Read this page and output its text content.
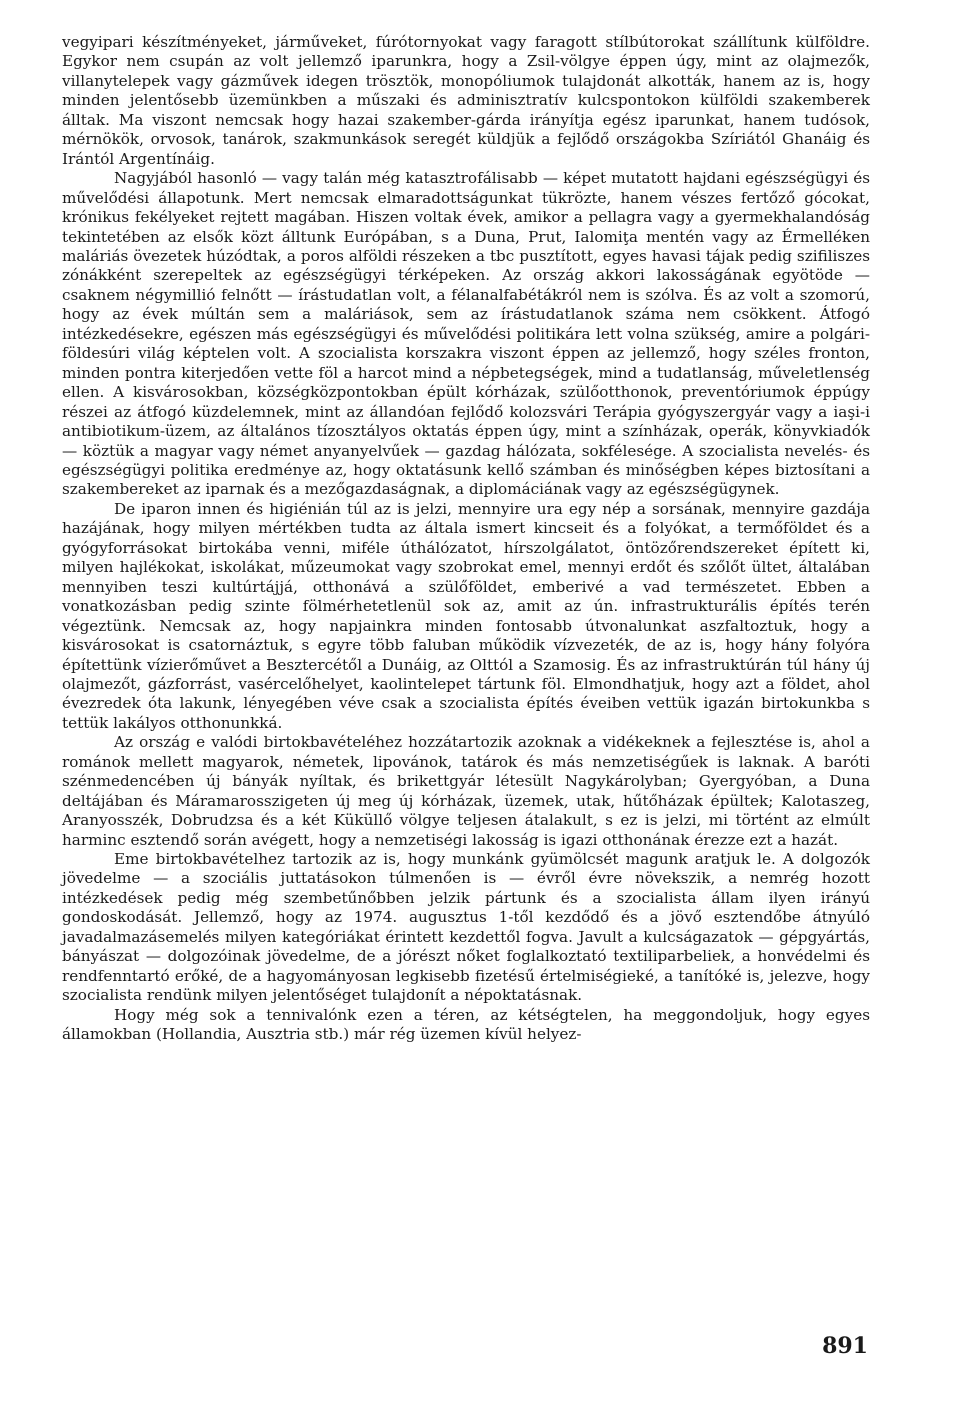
vegyipari készítményeket, járműveket, fúrótornyokat vagy faragott stílbútorokat szállítunk külföldre. Egykor nem csupán az volt jellemző iparunkra, hogy a Zsil-völgye éppen úgy, mint az olajmezők, villanytelepek vagy gázművek idegen trösztök, monopóliumok tulajdonát alkották, hanem az is, hogy minden jelentősebb üzemünkben a műszaki és adminisztratív kulcspontokon külföldi szakemberek álltak. Ma viszont nemcsak hogy hazai szakember-gárda irányítja egész iparunkat, hanem tudósok, mérnökök, orvosok, tanárok, szakmunkások seregét küldjük a fejlődő országokba Szíriától Ghanáig és Irántól Argentínáig.

Nagyjából hasonló — vagy talán még katasztrofálisabb — képet mutatott hajdani egészségügyi és művelődési állapotunk. Mert nemcsak elmaradottságunkat tükrözte, hanem vészes fertőző gócokat, krónikus fekélyeket rejtett magában. Hiszen voltak évek, amikor a pellagra vagy a gyermekhalandóság tekintetében az elsők közt álltunk Európában, s a Duna, Prut, Ialomiţa mentén vagy az Érmelléken maláriás övezetek húzódtak, a poros alföldi részeken a tbc pusztított, egyes havasi tájak pedig szifiliszes zónákként szerepeltek az egészségügyi térképeken. Az ország akkori lakosságának egyötöde — csaknem négymillió felnőtt — írástudatlan volt, a félanalfabétákról nem is szólva. És az volt a szomorú, hogy az évek múltán sem a maláriások, sem az írástudatlanok száma nem csökkent. Átfogó intézkedésekre, egészen más egészségügyi és művelődési politikára lett volna szükség, amire a polgári-földesúri világ képtelen volt. A szocialista korszakra viszont éppen az jellemző, hogy széles fronton, minden pontra kiterjedően vette föl a harcot mind a népbetegségek, mind a tudatlanság, műveletlenség ellen. A kisvárosokban, községközpontokban épült kórházak, szülőotthonok, preventóriumok éppúgy részei az átfogó küzdelemnek, mint az állandóan fejlődő kolozsvári Terápia gyógyszergyár vagy a iaşi-i antibiotikum-üzem, az általános tízosztályos oktatás éppen úgy, mint a színházak, operák, könyvkiadók — köztük a magyar vagy német anyanyelvűek — gazdag hálózata, sokfélesége. A szocialista nevelés- és egészségügyi politika eredménye az, hogy oktatásunk kellő számban és minőségben képes biztosítani a szakembereket az iparnak és a mezőgazdaságnak, a diplomáciának vagy az egészségügynek.

De iparon innen és higiénián túl az is jelzi, mennyire ura egy nép a sorsának, mennyire gazdája hazájának, hogy milyen mértékben tudta az általa ismert kincseit és a folyókat, a termőföldet és a gyógyforrásokat birtokába venni, miféle úthálózatot, hírszolgálatot, öntözőrendszereket épített ki, milyen hajlékokat, iskolákat, műzeumokat vagy szobrokat emel, mennyi erdőt és szőlőt ültet, általában mennyiben teszi kultúrtájjá, otthonává a szülőföldet, emberivé a vad természetet. Ebben a vonatkozásban pedig szinte fölmérhetetlenül sok az, amit az ún. infrastrukturális építés terén végeztünk. Nemcsak az, hogy napjainkra minden fontosabb útvonalunkat aszfaltoztuk, hogy a kisvárosokat is csatornáztuk, s egyre több faluban működik vízvezeték, de az is, hogy hány folyóra építettünk vízierőművet a Besztercétől a Dunáig, az Olttól a Szamosig. És az infrastruktúrán túl hány új olajmezőt, gázforrást, vasércelőhelyet, kaolintelepet tártunk föl. Elmondhatjuk, hogy azt a földet, ahol évezredek óta lakunk, lényegében véve csak a szocialista építés éveiben vettük igazán birtokunkba s tettük lakályos otthonunkká.

Az ország e valódi birtokbavételéhez hozzátartozik azoknak a vidékeknek a fejlesztése is, ahol a románok mellett magyarok, németek, lipovánok, tatárok és más nemzetiségűek is laknak. A baróti szénmedencében új bányák nyíltak, és brikettgyár létesült Nagykárolyban; Gyergyóban, a Duna deltájában és Máramarosszigeten új meg új kórházak, üzemek, utak, hűtőházak épültek; Kalotaszeg, Aranyosszék, Dobrudzsa és a két Küküllő völgye teljesen átalakult, s ez is jelzi, mi történt az elmúlt harminc esztendő során avégett, hogy a nemzetiségi lakosság is igazi otthonának érezze ezt a hazát.

Eme birtokbavételhez tartozik az is, hogy munkánk gyümölcsét magunk aratjuk le. A dolgozók jövedelme — a szociális juttatásokon túlmenően is — évről évre növekszik, a nemrég hozott intézkedések pedig még szembetűnőbben jelzik pártunk és a szocialista állam ilyen irányú gondoskodását. Jellemző, hogy az 1974. augusztus 1-től kezdődő és a jövő esztendőbe átnyúló javadalmazásemelés milyen kategóriákat érintett kezdettől fogva. Javult a kulcságazatok — gépgyártás, bányászat — dolgozóinak jövedelme, de a jórészt nőket foglalkoztató textiliparbeliek, a honvédelmi és rendfenntartó erőké, de a hagyományosan legkisebb fizetésű értelmiségieké, a tanítóké is, jelezve, hogy szocialista rendünk milyen jelentőséget tulajdonít a népoktatásnak.

Hogy még sok a tennivalónk ezen a téren, az kétségtelen, ha meggondoljuk, hogy egyes államokban (Hollandia, Ausztria stb.) már rég üzemen kívül helyez-

891
